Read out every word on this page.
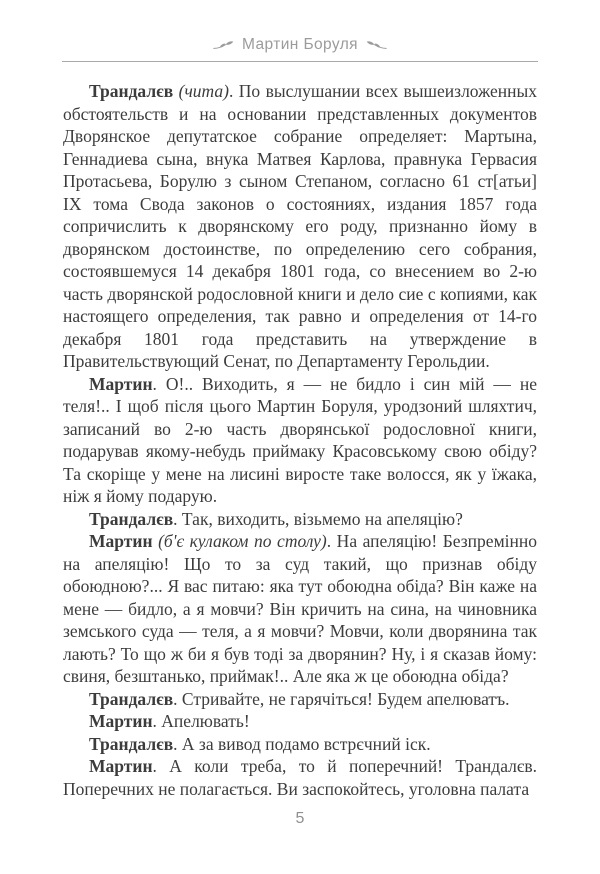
Мартин Боруля

Трандалєв (чита). По выслушании всех вышеизложенных обстоятельств и на основании представленных документов Дворянское депутатское собрание определяет: Мартына, Геннадиева сына, внука Матвея Карлова, правнука Гервасия Протасьева, Борулю з сыном Степаном, согласно 61 ст[атьи] IX тома Свода законов о состояниях, издания 1857 года сопричислить к дворянскому его роду, признанно йому в дворянском достоинстве, по определению сего собрания, состоявшемуся 14 декабря 1801 года, со внесением во 2-ю часть дворянской родословной книги и дело сие с копиями, как настоящего определения, так равно и определения от 14-го декабря 1801 года представить на утверждение в Правительствующий Сенат, по Департаменту Герольдии.

Мартин. О!.. Виходить, я — не бидло і син мій — не теля!.. І щоб після цього Мартин Боруля, уродзоний шляхтич, записаний во 2-ю часть дворянської родословної книги, подарував якому-небудь приймаку Красовському свою обіду? Та скоріще у мене на лисині виросте таке волосся, як у їжака, ніж я йому подарую.

Трандалєв. Так, виходить, візьмемо на апеляцію?

Мартин (б'є кулаком по столу). На апеляцію! Безпремінно на апеляцію! Що то за суд такий, що признав обіду обоюдною?... Я вас питаю: яка тут обоюдна обіда? Він каже на мене — бидло, а я мовчи? Він кричить на сина, на чиновника земського суда — теля, а я мовчи? Мовчи, коли дворянина так лають? То що ж би я був тоді за дворянин? Ну, і я сказав йому: свиня, безштанько, приймак!.. Але яка ж це обоюдна обіда?

Трандалєв. Стривайте, не гарячіться! Будем апелюватъ.

Мартин. Апелювать!

Трандалєв. А за вивод подамо встрєчний іск.

Мартин. А коли треба, то й поперечний! Трандалєв. Поперечних не полагається. Ви заспокойтесь, уголовна палата

5
